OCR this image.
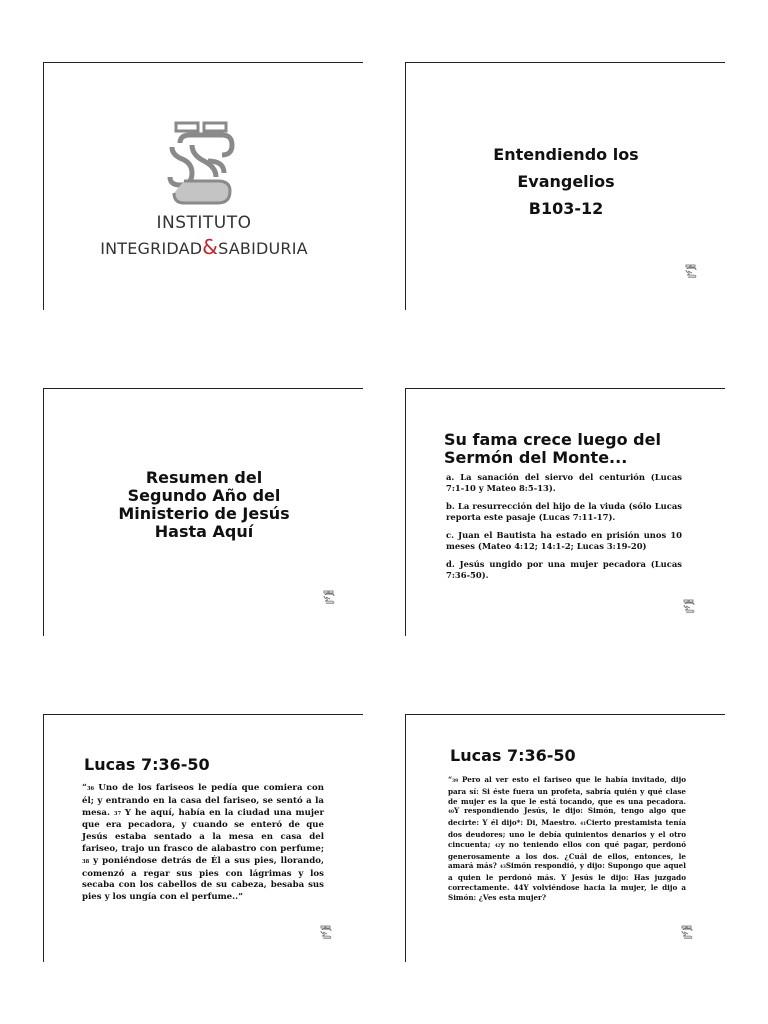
INSTITUTO
INTEGRIDAD&SABIDURIA
Entendiendo los
Evangelios
B103-12
Resumen del
Segundo Año del
Ministerio de Jesús
Hasta Aquí
Su fama crece luego del
Sermón del Monte...

a. La sanación del siervo del centurión (Lucas 7:1-10 y Mateo 8:5-13).

b. La resurrección del hijo de la viuda (sólo Lucas reporta este pasaje (Lucas 7:11-17).

c. Juan el Bautista ha estado en prisión unos 10 meses (Mateo 4:12; 14:1-2; Lucas 3:19-20)

d. Jesús ungido por una mujer pecadora (Lucas 7:36-50).

Lucas 7:36-50
“36 Uno de los fariseos le pedía que comiera con él; y entrando en la casa del fariseo, se sentó a la mesa. 37 Y he aquí, había en la ciudad una mujer que era pecadora, y cuando se enteró de que Jesús estaba sentado a la mesa en casa del fariseo, trajo un frasco de alabastro con perfume; 38 y poniéndose detrás de Él a sus pies, llorando, comenzó a regar sus pies con lágrimas y los secaba con los cabellos de su cabeza, besaba sus pies y los ungía con el perfume..”
Lucas 7:36-50
“39 Pero al ver esto el fariseo que le había invitado, dijo para sí: Si éste fuera un profeta, sabría quién y qué clase de mujer es la que le está tocando, que es una pecadora. 40Y respondiendo Jesús, le dijo: Simón, tengo algo que decirte: Y él dijo*: Di, Maestro. 41Cierto prestamista tenía dos deudores; uno le debía quinientos denarios y el otro cincuenta; 42y no teniendo ellos con qué pagar, perdonó generosamente a los dos. ¿Cuál de ellos, entonces, le amará más? 43Simón respondió, y dijo: Supongo que aquel a quien le perdonó más. Y Jesús le dijo: Has juzgado correctamente. 44Y volviéndose hacia la mujer, le dijo a Simón: ¿Ves esta mujer?
